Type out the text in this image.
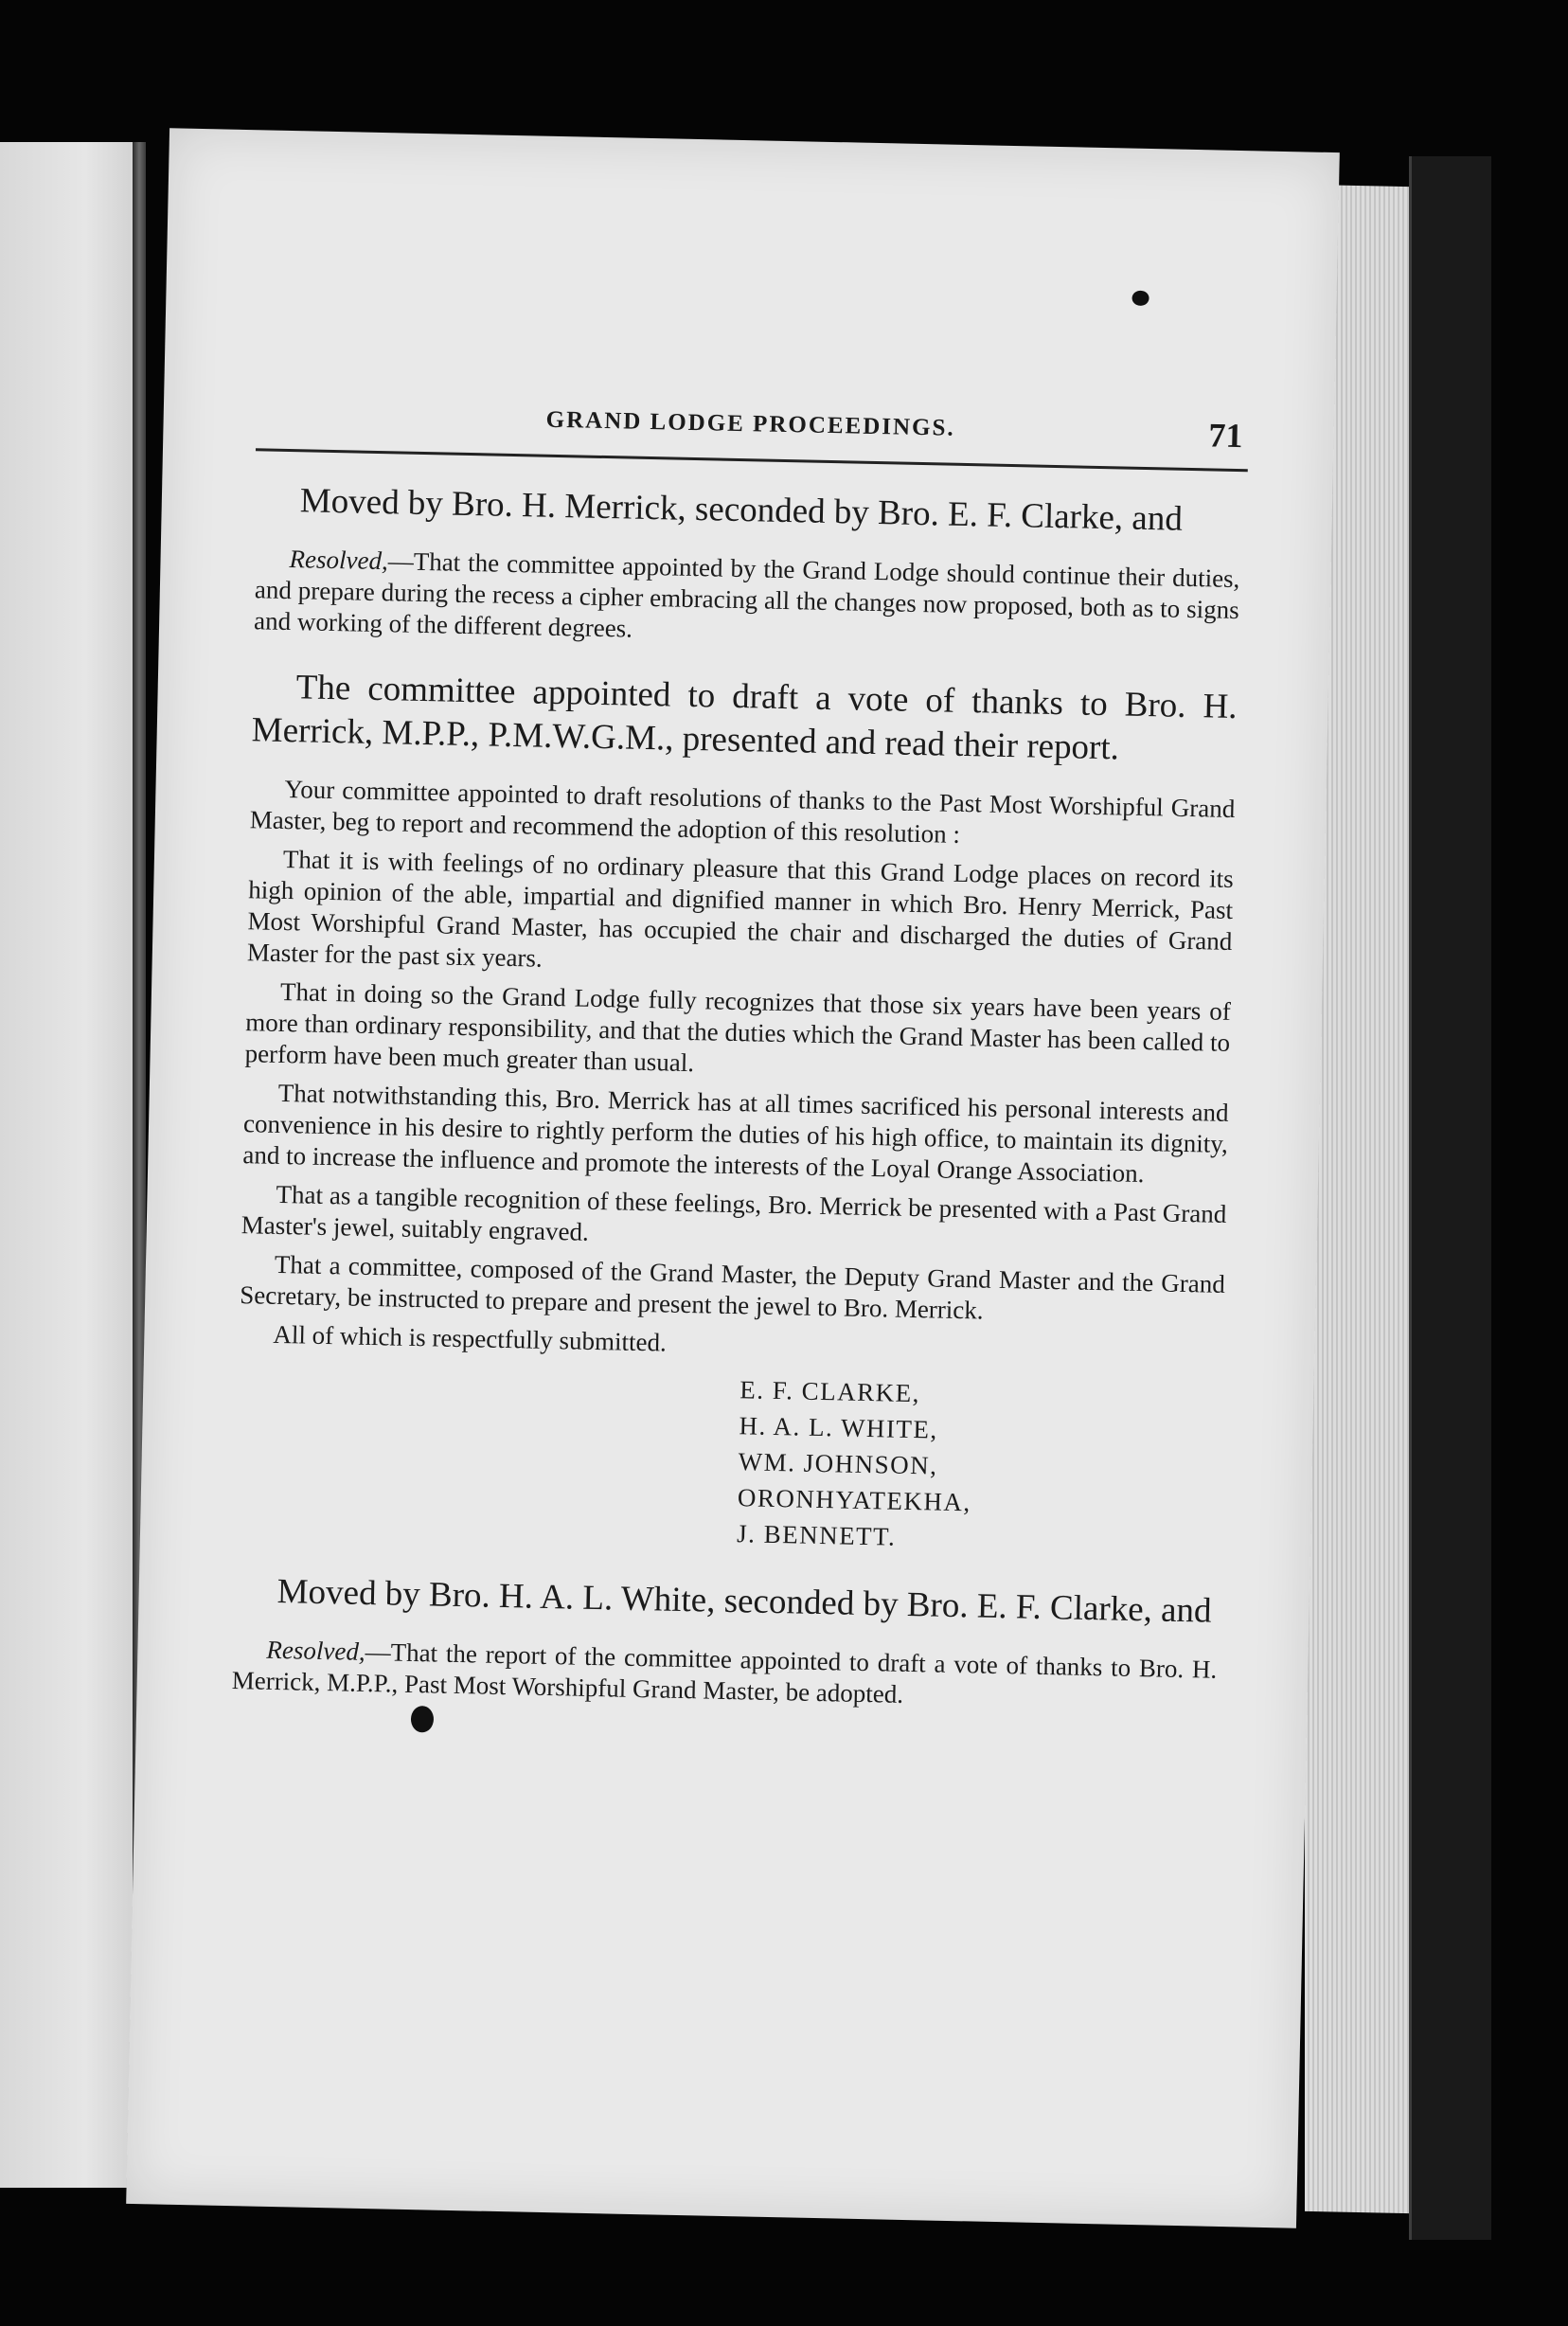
GRAND LODGE PROCEEDINGS.	71

Moved by Bro. H. Merrick, seconded by Bro. E. F. Clarke, and

Resolved,—That the committee appointed by the Grand Lodge should continue their duties, and prepare during the recess a cipher embracing all the changes now proposed, both as to signs and working of the different degrees.

The committee appointed to draft a vote of thanks to Bro. H. Merrick, M.P.P., P.M.W.G.M., presented and read their report.

Your committee appointed to draft resolutions of thanks to the Past Most Worshipful Grand Master, beg to report and recommend the adoption of this resolution :

That it is with feelings of no ordinary pleasure that this Grand Lodge places on record its high opinion of the able, impartial and dignified manner in which Bro. Henry Merrick, Past Most Worshipful Grand Master, has occupied the chair and discharged the duties of Grand Master for the past six years.

That in doing so the Grand Lodge fully recognizes that those six years have been years of more than ordinary responsibility, and that the duties which the Grand Master has been called to perform have been much greater than usual.

That notwithstanding this, Bro. Merrick has at all times sacrificed his personal interests and convenience in his desire to rightly perform the duties of his high office, to maintain its dignity, and to increase the influence and promote the interests of the Loyal Orange Association.

That as a tangible recognition of these feelings, Bro. Merrick be presented with a Past Grand Master's jewel, suitably engraved.

That a committee, composed of the Grand Master, the Deputy Grand Master and the Grand Secretary, be instructed to prepare and present the jewel to Bro. Merrick.

All of which is respectfully submitted.

E. F. CLARKE,
H. A. L. WHITE,
WM. JOHNSON,
ORONHYATEKHA,
J. BENNETT.

Moved by Bro. H. A. L. White, seconded by Bro. E. F. Clarke, and

Resolved,—That the report of the committee appointed to draft a vote of thanks to Bro. H. Merrick, M.P.P., Past Most Worshipful Grand Master, be adopted.
